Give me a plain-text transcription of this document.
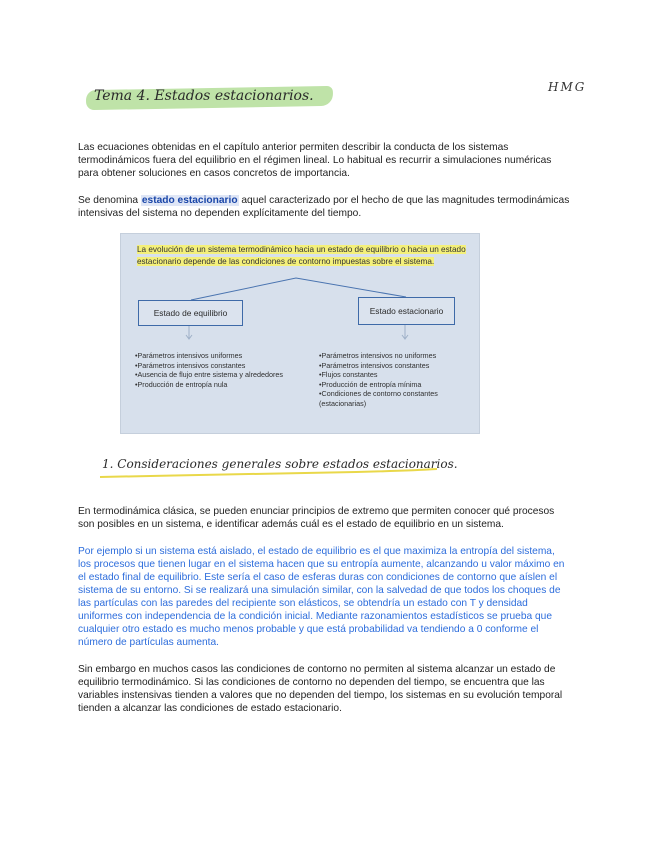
HMG
Tema 4. Estados estacionarios.

Las ecuaciones obtenidas en el capítulo anterior permiten describir la conducta de los sistemas termodinámicos fuera del equilibrio en el régimen lineal. Lo habitual es recurrir a simulaciones numéricas para obtener soluciones en casos concretos de importancia.

Se denomina estado estacionario aquel caracterizado por el hecho de que las magnitudes termodinámicas intensivas del sistema no dependen explícitamente del tiempo.

La evolución de un sistema termodinámico hacia un estado de equilibrio o hacia un estado estacionario depende de las condiciones de contorno impuestas sobre el sistema.
Estado de equilibrio	Estado estacionario
•Parámetros intensivos uniformes
•Parámetros intensivos constantes
•Ausencia de flujo entre sistema y alrededores
•Producción de entropía nula
•Parámetros intensivos no uniformes
•Parámetros intensivos constantes
•Flujos constantes
•Producción de entropía mínima
•Condiciones de contorno constantes
(estacionarias)
1. Consideraciones generales sobre estados estacionarios.

En termodinámica clásica, se pueden enunciar principios de extremo que permiten conocer qué procesos son posibles en un sistema, e identificar además cuál es el estado de equilibrio en un sistema.

Por ejemplo si un sistema está aislado, el estado de equilibrio es el que maximiza la entropía del sistema, los procesos que tienen lugar en el sistema hacen que su entropía aumente, alcanzando u valor máximo en el estado final de equilibrio. Este sería el caso de esferas duras con condiciones de contorno que aíslen el sistema de su entorno. Si se realizará una simulación similar, con la salvedad de que todos los choques de las partículas con las paredes del recipiente son elásticos, se obtendría un estado con T y densidad uniformes con independencia de la condición inicial. Mediante razonamientos estadísticos se prueba que cualquier otro estado es mucho menos probable y que está probabilidad va tendiendo a 0 conforme el número de partículas aumenta.

Sin embargo en muchos casos las condiciones de contorno no permiten al sistema alcanzar un estado de equilibrio termodinámico. Si las condiciones de contorno no dependen del tiempo, se encuentra que las variables instensivas tienden a valores que no dependen del tiempo, los sistemas en su evolución temporal tienden a alcanzar las condiciones de estado estacionario.
